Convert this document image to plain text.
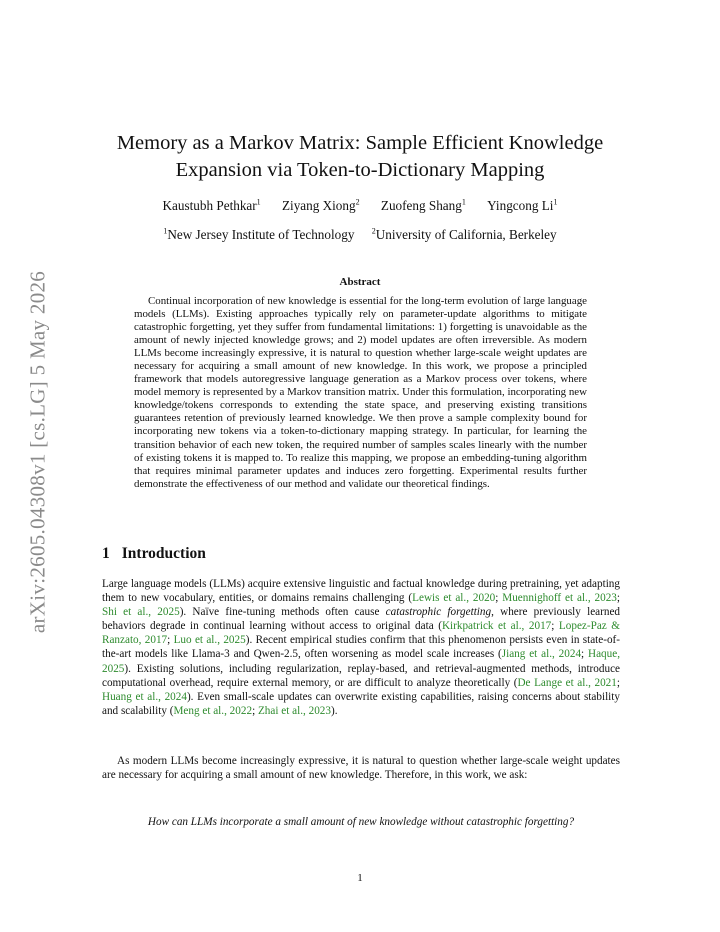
arXiv:2605.04308v1 [cs.LG] 5 May 2026
Memory as a Markov Matrix: Sample Efficient Knowledge
Expansion via Token-to-Dictionary Mapping
Kaustubh Pethkar$^1$ Ziyang Xiong$^2$ Zuofeng Shang$^1$ Yingcong Li$^1$
$^1$New Jersey Institute of Technology $^2$University of California, Berkeley
Abstract

Continual incorporation of new knowledge is essential for the long-term evolution of large language models (LLMs). Existing approaches typically rely on parameter-update algorithms to mitigate catastrophic forgetting, yet they suffer from fundamental limitations: 1) forgetting is unavoidable as the amount of newly injected knowledge grows; and 2) model updates are often irreversible. As modern LLMs become increasingly expressive, it is natural to question whether large-scale weight updates are necessary for acquiring a small amount of new knowledge. In this work, we propose a principled framework that models autoregressive language generation as a Markov process over tokens, where model memory is represented by a Markov transition matrix. Under this formulation, incorporating new knowledge/tokens corresponds to extending the state space, and preserving existing transitions guarantees retention of previously learned knowledge. We then prove a sample complexity bound for incorporating new tokens via a token-to-dictionary mapping strategy. In particular, for learning the transition behavior of each new token, the required number of samples scales linearly with the number of existing tokens it is mapped to. To realize this mapping, we propose an embedding-tuning algorithm that requires minimal parameter updates and induces zero forgetting. Experimental results further demonstrate the effectiveness of our method and validate our theoretical findings.

1 Introduction

Large language models (LLMs) acquire extensive linguistic and factual knowledge during pretraining, yet adapting them to new vocabulary, entities, or domains remains challenging (Lewis et al., 2020; Muennighoff et al., 2023; Shi et al., 2025). Naïve fine-tuning methods often cause catastrophic forgetting, where previously learned behaviors degrade in continual learning without access to original data (Kirkpatrick et al., 2017; Lopez-Paz & Ranzato, 2017; Luo et al., 2025). Recent empirical studies confirm that this phenomenon persists even in state-of-the-art models like Llama-3 and Qwen-2.5, often worsening as model scale increases (Jiang et al., 2024; Haque, 2025). Existing solutions, including regularization, replay-based, and retrieval-augmented methods, introduce computational overhead, require external memory, or are difficult to analyze theoretically (De Lange et al., 2021; Huang et al., 2024). Even small-scale updates can overwrite existing capabilities, raising concerns about stability and scalability (Meng et al., 2022; Zhai et al., 2023).

As modern LLMs become increasingly expressive, it is natural to question whether large-scale weight updates are necessary for acquiring a small amount of new knowledge. Therefore, in this work, we ask:

How can LLMs incorporate a small amount of new knowledge without catastrophic forgetting?

1
